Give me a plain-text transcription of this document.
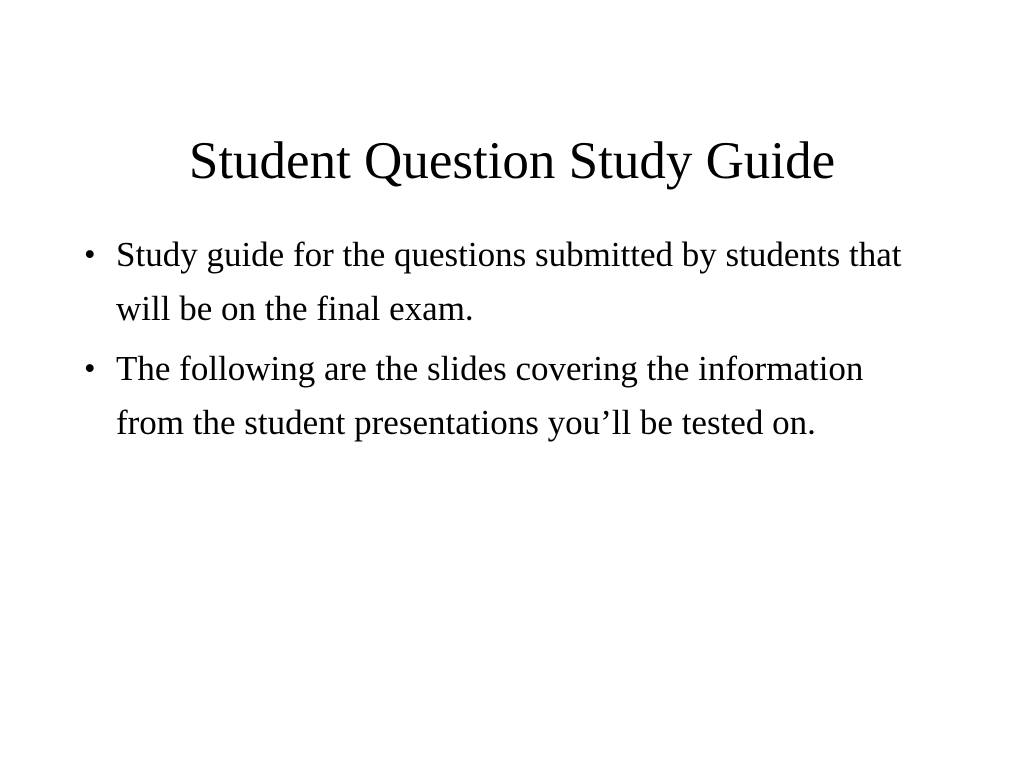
Student Question Study Guide
• Study guide for the questions submitted by students that will be on the final exam.
• The following are the slides covering the information from the student presentations you’ll be tested on.
